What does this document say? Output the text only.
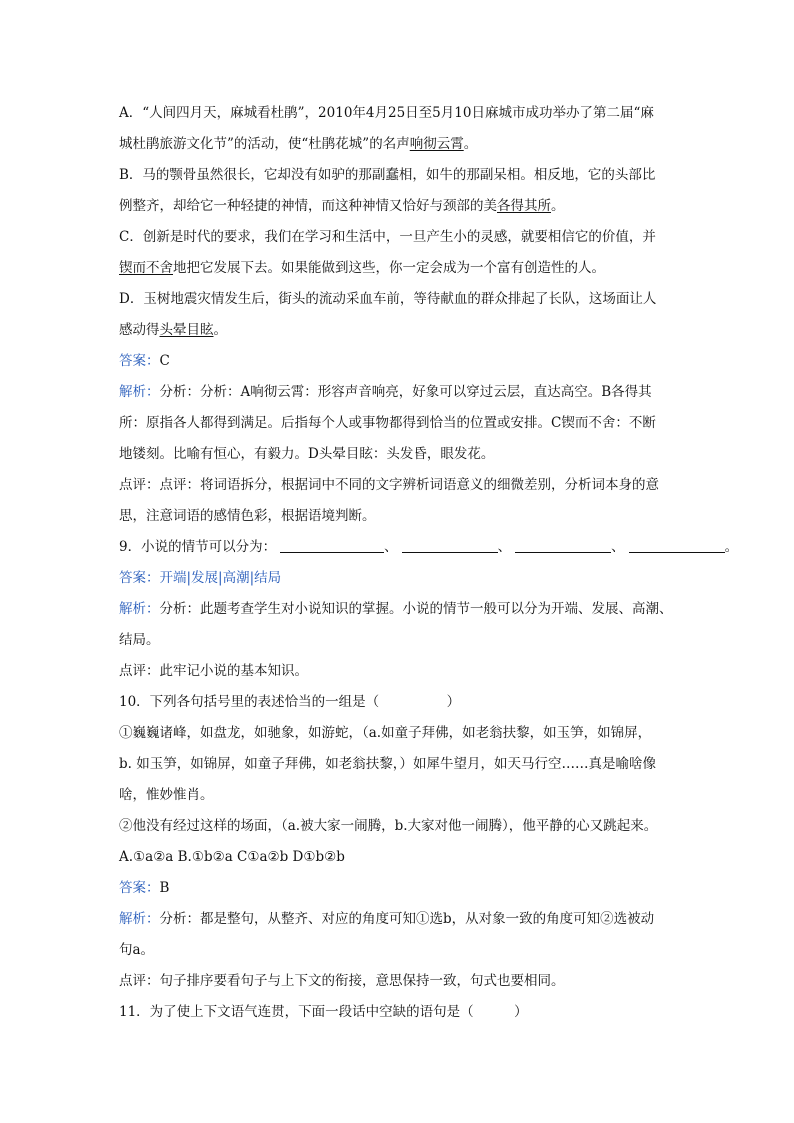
A．“人间四月天，麻城看杜鹃”，2010年4月25日至5月10日麻城市成功举办了第二届“麻
城杜鹃旅游文化节”的活动，使“杜鹃花城”的名声响彻云霄。
B．马的颚骨虽然很长，它却没有如驴的那副蠢相，如牛的那副呆相。相反地，它的头部比
例整齐，却给它一种轻捷的神情，而这种神情又恰好与颈部的美各得其所。
C．创新是时代的要求，我们在学习和生活中，一旦产生小的灵感，就要相信它的价值，并
锲而不舍地把它发展下去。如果能做到这些，你一定会成为一个富有创造性的人。
D．玉树地震灾情发生后，街头的流动采血车前，等待献血的群众排起了长队，这场面让人
感动得头晕目眩。
答案：C
解析：分析：分析：A响彻云霄：形容声音响亮，好象可以穿过云层，直达高空。B各得其
所：原指各人都得到满足。后指每个人或事物都得到恰当的位置或安排。C锲而不舍：不断
地镂刻。比喻有恒心，有毅力。D头晕目眩：头发昏，眼发花。
点评：点评：将词语拆分，根据词中不同的文字辨析词语意义的细微差别，分析词本身的意
思，注意词语的感情色彩，根据语境判断。
9．小说的情节可以分为：	、	、	、	。
答案：开端|发展|高潮|结局
解析：分析：此题考查学生对小说知识的掌握。小说的情节一般可以分为开端、发展、高潮、
结局。
点评：此牢记小说的基本知识。
10．下列各句括号里的表述恰当的一组是（　　　　　）
①巍巍诸峰，如盘龙，如驰象，如游蛇，（a.如童子拜佛，如老翁扶黎，如玉笋，如锦屏，
b. 如玉笋，如锦屏，如童子拜佛，如老翁扶黎，）如犀牛望月，如天马行空……真是喻啥像
啥，惟妙惟肖。
②他没有经过这样的场面，（a.被大家一闹腾，b.大家对他一闹腾），他平静的心又跳起来。
A.①a②a B.①b②a C①a②b D①b②b
答案：B
解析：分析：都是整句，从整齐、对应的角度可知①选b，从对象一致的角度可知②选被动
句a。
点评：句子排序要看句子与上下文的衔接，意思保持一致，句式也要相同。
11．为了使上下文语气连贯，下面一段话中空缺的语句是（　　　）
